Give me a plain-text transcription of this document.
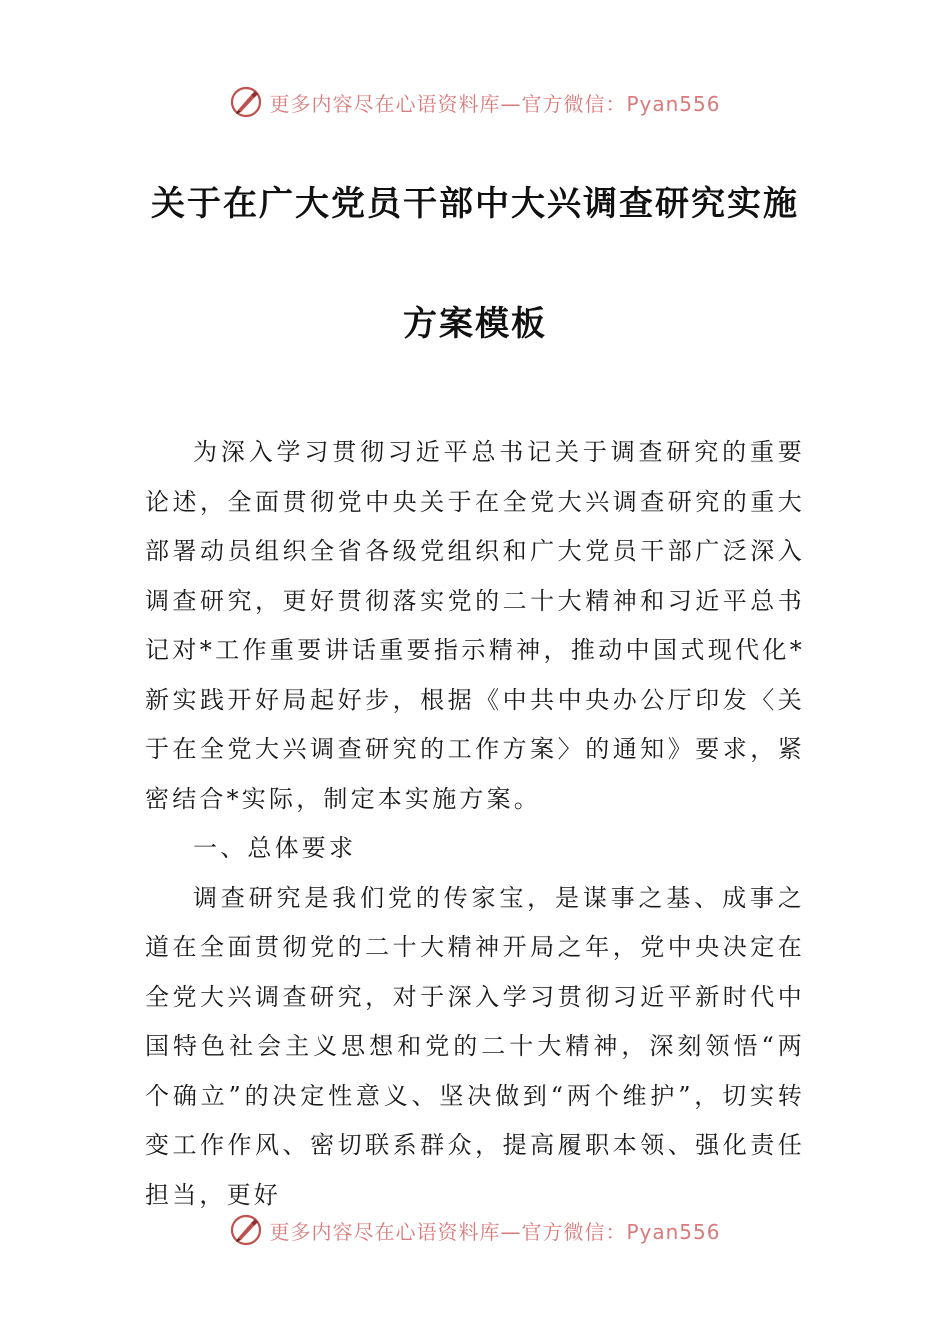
更多内容尽在心语资料库—官方微信：Pyan556
关于在广大党员干部中大兴调查研究实施
方案模板

为深入学习贯彻习近平总书记关于调查研究的重要论述，全面贯彻党中央关于在全党大兴调查研究的重大部署动员组织全省各级党组织和广大党员干部广泛深入调查研究，更好贯彻落实党的二十大精神和习近平总书记对*工作重要讲话重要指示精神，推动中国式现代化*新实践开好局起好步，根据《中共中央办公厅印发〈关于在全党大兴调查研究的工作方案〉的通知》要求，紧密结合*实际，制定本实施方案。

一、总体要求

调查研究是我们党的传家宝，是谋事之基、成事之道在全面贯彻党的二十大精神开局之年，党中央决定在全党大兴调查研究，对于深入学习贯彻习近平新时代中国特色社会主义思想和党的二十大精神，深刻领悟“两个确立”的决定性意义、坚决做到“两个维护”，切实转变工作作风、密切联系群众，提高履职本领、强化责任担当，更好

更多内容尽在心语资料库—官方微信：Pyan556
